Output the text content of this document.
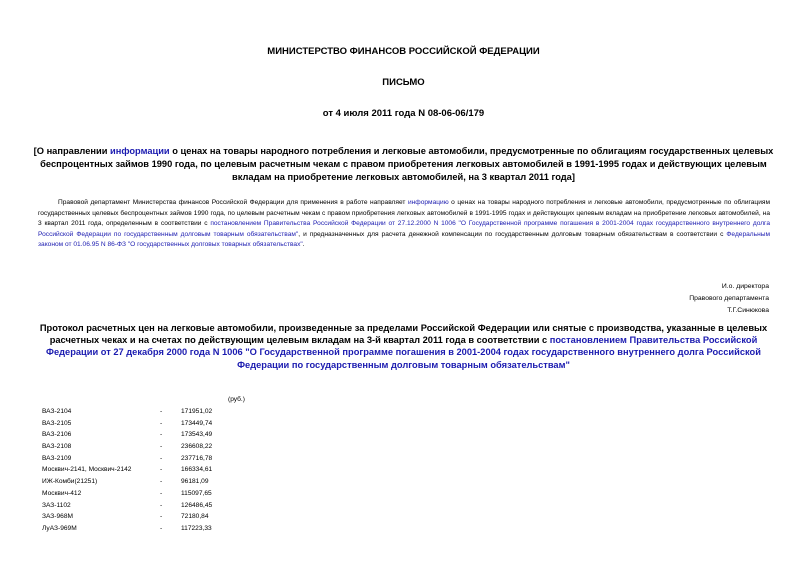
МИНИСТЕРСТВО ФИНАНСОВ РОССИЙСКОЙ ФЕДЕРАЦИИ
ПИСЬМО
от 4 июля 2011 года N 08-06-06/179
[О направлении информации о ценах на товары народного потребления и легковые автомобили, предусмотренные по облигациям государственных целевых беспроцентных займов 1990 года, по целевым расчетным чекам с правом приобретения легковых автомобилей в 1991-1995 годах и действующих целевым вкладам на приобретение легковых автомобилей, на 3 квартал 2011 года]
Правовой департамент Министерства финансов Российской Федерации для применения в работе направляет информацию о ценах на товары народного потребления и легковые автомобили, предусмотренные по облигациям государственных целевых беспроцентных займов 1990 года, по целевым расчетным чекам с правом приобретения легковых автомобилей в 1991-1995 годах и действующих целевым вкладам на приобретение легковых автомобилей, на 3 квартал 2011 года, определенным в соответствии с постановлением Правительства Российской Федерации от 27.12.2000 N 1006 "О Государственной программе погашения в 2001-2004 годах государственного внутреннего долга Российской Федерации по государственным долговым товарным обязательствам", и предназначенных для расчета денежной компенсации по государственным долговым товарным обязательствам в соответствии с Федеральным законом от 01.06.95 N 86-ФЗ "О государственных долговых товарных обязательствах".
И.о. директора
Правового департамента
Т.Г.Синюкова
Протокол расчетных цен на легковые автомобили, произведенные за пределами Российской Федерации или снятые с производства, указанные в целевых расчетных чеках и на счетах по действующим целевым вкладам на 3-й квартал 2011 года в соответствии с постановлением Правительства Российской Федерации от 27 декабря 2000 года N 1006 "О Государственной программе погашения в 2001-2004 годах государственного внутреннего долга Российской Федерации по государственным долговым товарным обязательствам"
(руб.)
ВАЗ-2104	-	171951,02
ВАЗ-2105	-	173449,74
ВАЗ-2106	-	173543,49
ВАЗ-2108	-	236608,22
ВАЗ-2109	-	237716,78
Москвич-2141, Москвич-2142	-	166334,61
ИЖ-Комби(21251)	-	96181,09
Москвич-412	-	115097,65
ЗАЗ-1102	-	126486,45
ЗАЗ-968М	-	72180,84
ЛуАЗ-969М	-	117223,33
